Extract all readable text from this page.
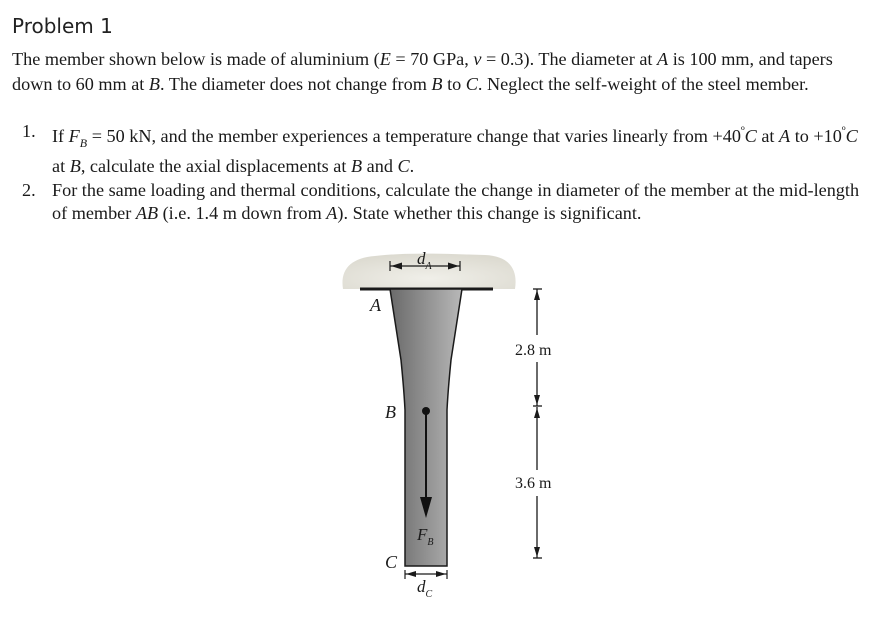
Problem 1
The member shown below is made of aluminium (E = 70 GPa, ν = 0.3). The diameter at A is 100 mm, and tapers down to 60 mm at B. The diameter does not change from B to C. Neglect the self-weight of the steel member.
1. If $F_B = 50$ kN, and the member experiences a temperature change that varies linearly from $+40^ºC$ at A to $+10^ºC$ at B, calculate the axial displacements at B and C.
2. For the same loading and thermal conditions, calculate the change in diameter of the member at the mid-length of member AB (i.e. 1.4 m down from A). State whether this change is significant.
$d_A$
A
B
C
$F_B$
$d_C$
2.8 m
3.6 m
